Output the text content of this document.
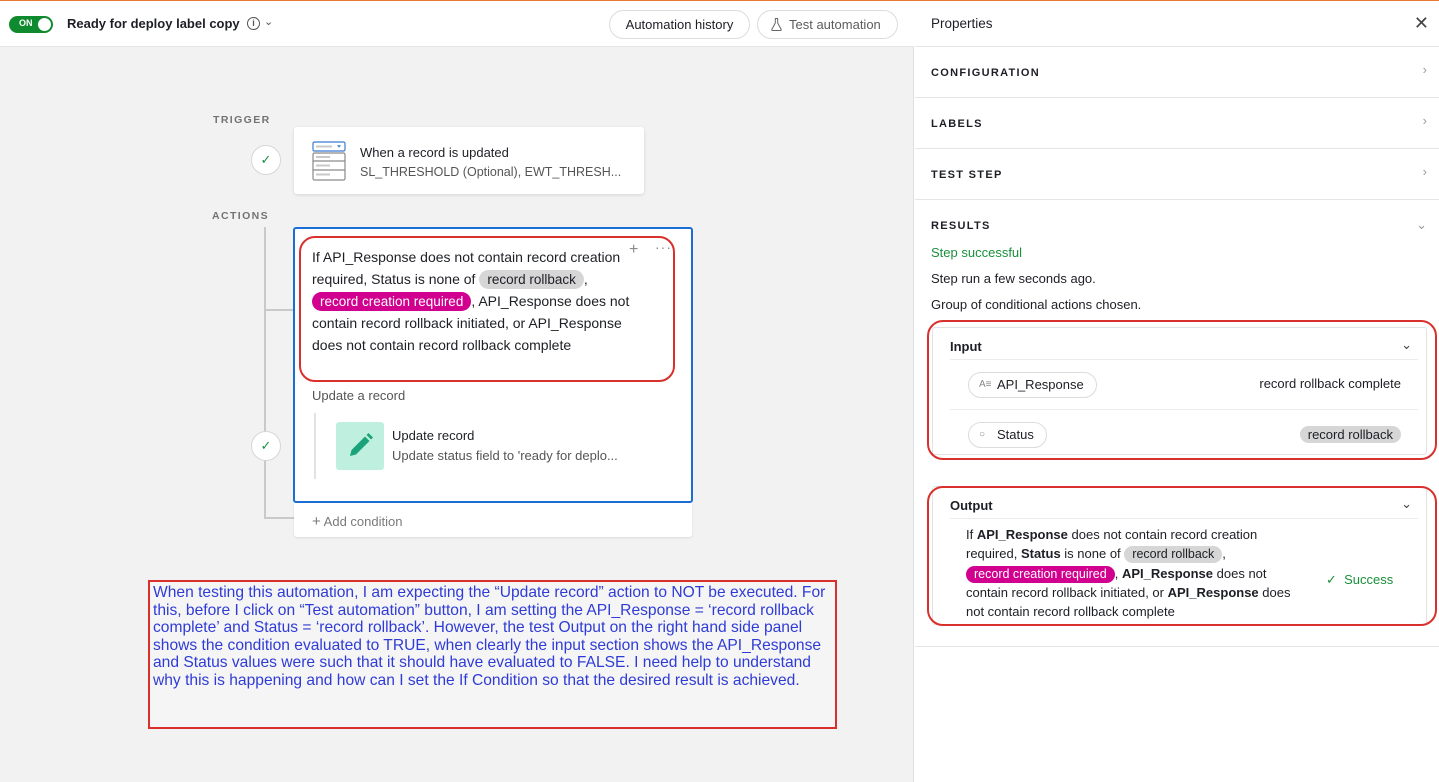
ON	Ready for deploy label copy	i ⌄	Automation history	Test automation
TRIGGER
ACTIONS
✓
✓
When a record is updated
SL_THRESHOLD (Optional), EWT_THRESH...
If API_Response does not contain record creation required, Status is none of record rollback , record creation required , API_Response does not contain record rollback initiated, or API_Response does not contain record rollback complete
+ ···
Update a record
Update record
Update status field to 'ready for deplo...
+ Add condition
When testing this automation, I am expecting the “Update record” action to NOT be executed. For this, before I click on “Test automation” button, I am setting the API_Response = ‘record rollback complete’ and Status = ‘record rollback’. However, the test Output on the right hand side panel shows the condition evaluated to TRUE, when clearly the input section shows the API_Response and Status values were such that it should have evaluated to FALSE. I need help to understand why this is happening and how can I set the If Condition so that the desired result is achieved.
Properties	✕
CONFIGURATION	›
LABELS	›
TEST STEP	›
RESULTS	⌄
Step successful
Step run a few seconds ago.
Group of conditional actions chosen.
Input	⌄
A≡ API_Response	record rollback complete
○ Status	record rollback
Output	⌄
If API_Response does not contain record creation required, Status is none of record rollback , record creation required , API_Response does not contain record rollback initiated, or API_Response does not contain record rollback complete
✓ Success
